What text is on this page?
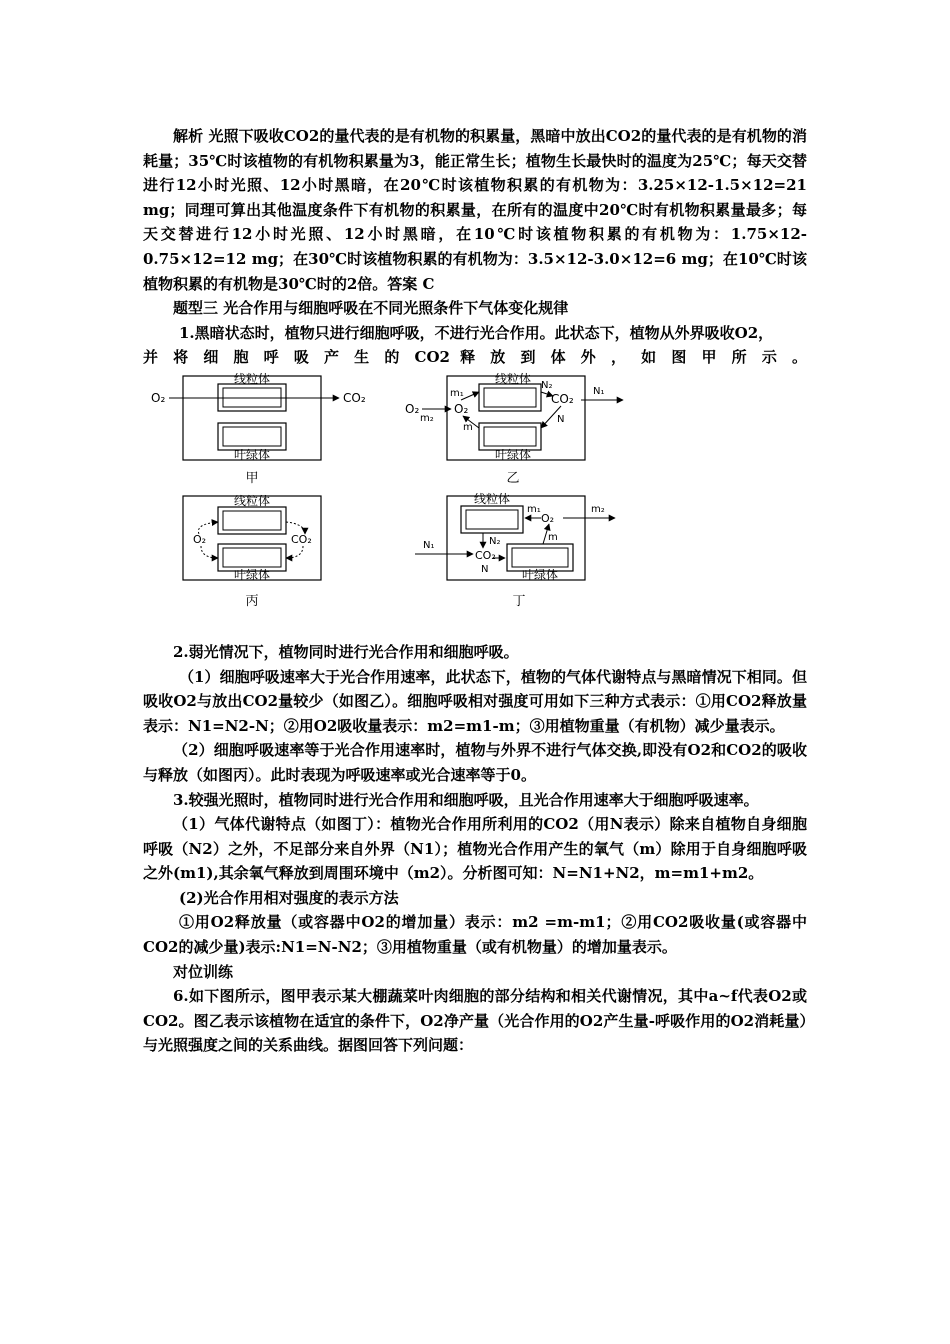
解析 光照下吸收CO2的量代表的是有机物的积累量，黑暗中放出CO2的量代表的是有机物的消耗量；35℃时该植物的有机物积累量为3，能正常生长；植物生长最快时的温度为25℃；每天交替进行12小时光照、12小时黑暗，在20℃时该植物积累的有机物为：3.25×12-1.5×12=21 mg；同理可算出其他温度条件下有机物的积累量，在所有的温度中20℃时有机物积累量最多；每天交替进行12小时光照、12小时黑暗，在10℃时该植物积累的有机物为：1.75×12-0.75×12=12 mg；在30℃时该植物积累的有机物为：3.5×12-3.0×12=6 mg；在10℃时该植物积累的有机物是30℃时的2倍。答案 C

题型三 光合作用与细胞呼吸在不同光照条件下气体变化规律

1.黑暗状态时，植物只进行细胞呼吸，不进行光合作用。此状态下，植物从外界吸收O2，

并 将 细 胞 呼 吸 产 生 的 CO2 释 放 到 体 外 ， 如 图 甲 所 示 。

线粒体
叶绿体
O₂	CO₂
甲
线粒体
叶绿体
O₂	O₂
m₂
m₁
m
CO₂
N₂
N
N₁
乙
线粒体
叶绿体
O₂	CO₂
丙
线粒体
叶绿体
O₂
m₁	m₂
m
CO₂
N₂
N₁
N
丁

2.弱光情况下，植物同时进行光合作用和细胞呼吸。

（1）细胞呼吸速率大于光合作用速率，此状态下，植物的气体代谢特点与黑暗情况下相同。但吸收O2与放出CO2量较少（如图乙）。细胞呼吸相对强度可用如下三种方式表示：①用CO2释放量表示：N1=N2-N；②用O2吸收量表示：m2=m1-m；③用植物重量（有机物）减少量表示。

（2）细胞呼吸速率等于光合作用速率时，植物与外界不进行气体交换,即没有O2和CO2的吸收与释放（如图丙）。此时表现为呼吸速率或光合速率等于0。

3.较强光照时，植物同时进行光合作用和细胞呼吸，且光合作用速率大于细胞呼吸速率。

（1）气体代谢特点（如图丁）：植物光合作用所利用的CO2（用N表示）除来自植物自身细胞呼吸（N2）之外，不足部分来自外界（N1）；植物光合作用产生的氧气（m）除用于自身细胞呼吸之外(m1),其余氧气释放到周围环境中（m2）。分析图可知：N=N1+N2，m=m1+m2。

(2)光合作用相对强度的表示方法

①用O2释放量（或容器中O2的增加量）表示：m2 =m-m1；②用CO2吸收量(或容器中CO2的减少量)表示:N1=N-N2；③用植物重量（或有机物量）的增加量表示。

对位训练

6.如下图所示，图甲表示某大棚蔬菜叶肉细胞的部分结构和相关代谢情况，其中a~f代表O2或CO2。图乙表示该植物在适宜的条件下，O2净产量（光合作用的O2产生量-呼吸作用的O2消耗量）与光照强度之间的关系曲线。据图回答下列问题：
